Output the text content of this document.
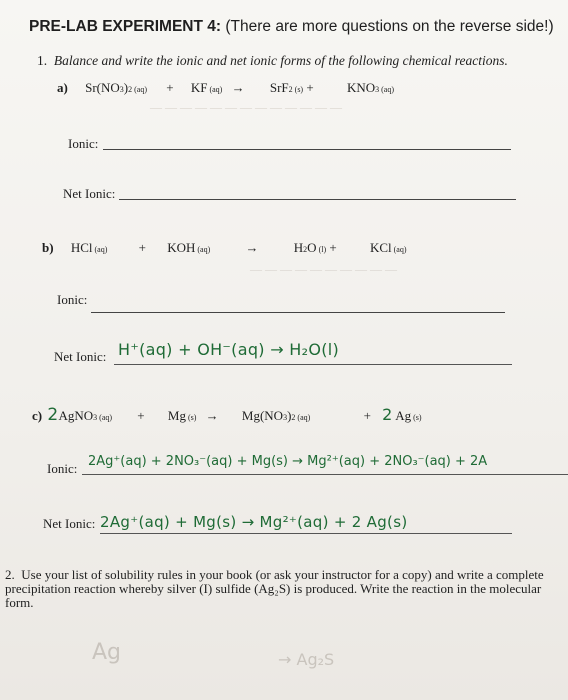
PRE-LAB EXPERIMENT 4: (There are more questions on the reverse side!)
1. Balance and write the ionic and net ionic forms of the following chemical reactions.
a) Sr(NO3)2 (aq) + KF (aq) → SrF2 (s) +	KNO3 (aq)
— — — — — — — — — — — — —
Ionic:
Net Ionic:
b) HCl (aq) + KOH (aq)	→	H2O (l) +	KCl (aq)
— — — — — — — — — —
Ionic:
Net Ionic: H⁺(aq) + OH⁻(aq) → H₂O(l)
c) 2AgNO3 (aq) + Mg (s) → Mg(NO3)2 (aq)	+ 2 Ag (s)
Ionic: 2Ag⁺(aq) + 2NO₃⁻(aq) + Mg(s) → Mg²⁺(aq) + 2NO₃⁻(aq) + 2A
Net Ionic: 2Ag⁺(aq) + Mg(s) → Mg²⁺(aq) + 2 Ag(s)
2. Use your list of solubility rules in your book (or ask your instructor for a copy) and write a complete precipitation reaction whereby silver (I) sulfide (Ag₂S) is produced. Write the reaction in the molecular form.
Ag	→ Ag₂S
